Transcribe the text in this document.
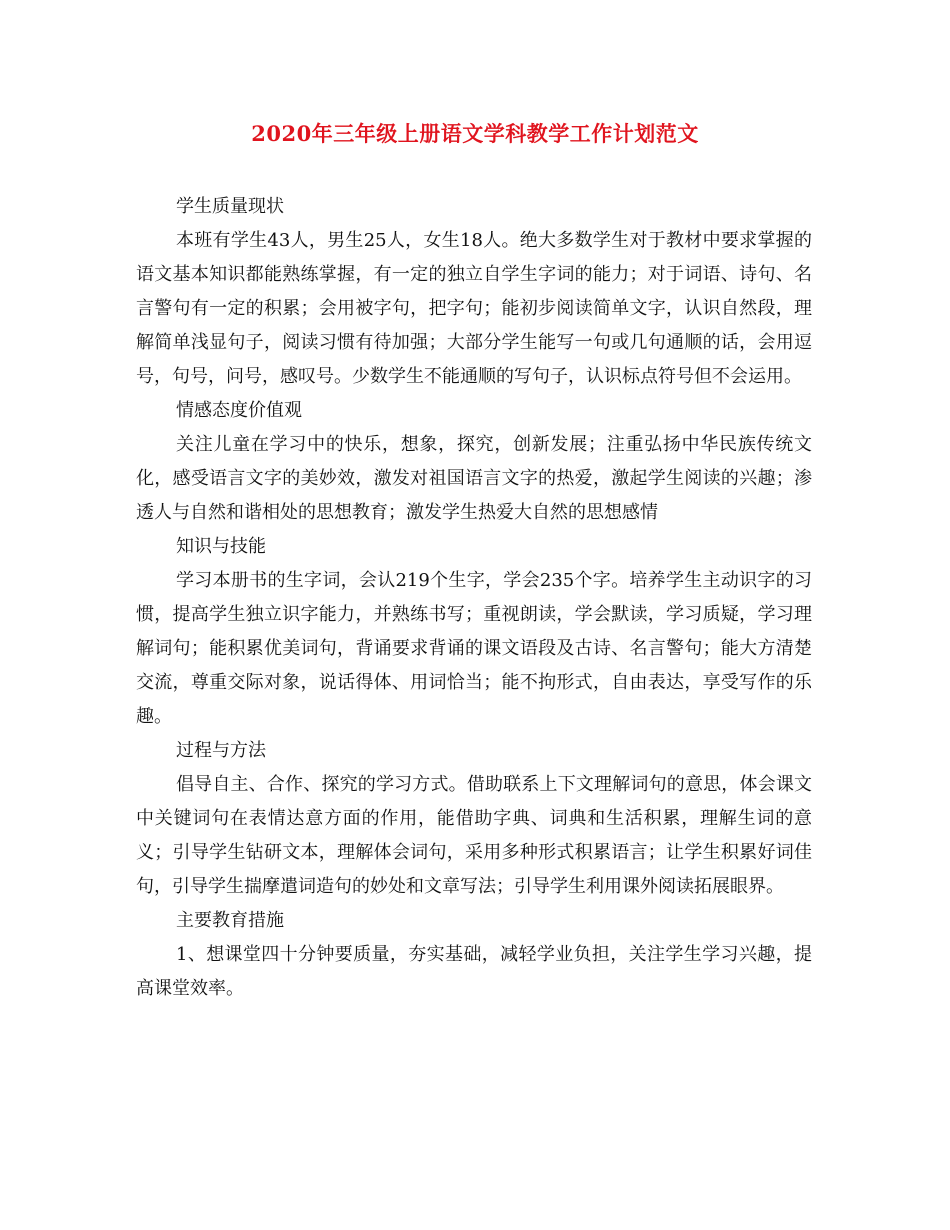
2020年三年级上册语文学科教学工作计划范文

学生质量现状

本班有学生43人，男生25人，女生18人。绝大多数学生对于教材中要求掌握的语文基本知识都能熟练掌握，有一定的独立自学生字词的能力；对于词语、诗句、名言警句有一定的积累；会用被字句，把字句；能初步阅读简单文字，认识自然段，理解简单浅显句子，阅读习惯有待加强；大部分学生能写一句或几句通顺的话，会用逗号，句号，问号，感叹号。少数学生不能通顺的写句子，认识标点符号但不会运用。

情感态度价值观

关注儿童在学习中的快乐，想象，探究，创新发展；注重弘扬中华民族传统文化，感受语言文字的美妙效，激发对祖国语言文字的热爱，激起学生阅读的兴趣；渗透人与自然和谐相处的思想教育；激发学生热爱大自然的思想感情

知识与技能

学习本册书的生字词，会认219个生字，学会235个字。培养学生主动识字的习惯，提高学生独立识字能力，并熟练书写；重视朗读，学会默读，学习质疑，学习理解词句；能积累优美词句，背诵要求背诵的课文语段及古诗、名言警句；能大方清楚交流，尊重交际对象，说话得体、用词恰当；能不拘形式，自由表达，享受写作的乐趣。

过程与方法

倡导自主、合作、探究的学习方式。借助联系上下文理解词句的意思，体会课文中关键词句在表情达意方面的作用，能借助字典、词典和生活积累，理解生词的意义；引导学生钻研文本，理解体会词句，采用多种形式积累语言；让学生积累好词佳句，引导学生揣摩遣词造句的妙处和文章写法；引导学生利用课外阅读拓展眼界。

主要教育措施

1、想课堂四十分钟要质量，夯实基础，减轻学业负担，关注学生学习兴趣，提高课堂效率。
